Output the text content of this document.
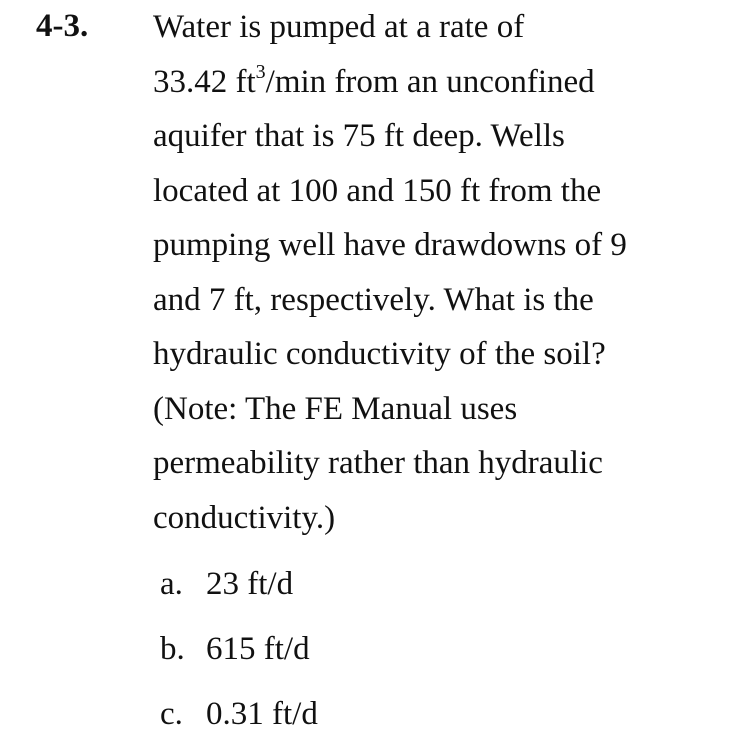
4-3. Water is pumped at a rate of
33.42 $ft^3/\min$ from an unconfined
aquifer that is 75 ft deep. Wells
located at 100 and 150 ft from the
pumping well have drawdowns of 9
and 7 ft, respectively. What is the
hydraulic conductivity of the soil?
(Note: The FE Manual uses
permeability rather than hydraulic
conductivity.)
a. 23 ft/d
b. 615 ft/d
c. 0.31 ft/d
